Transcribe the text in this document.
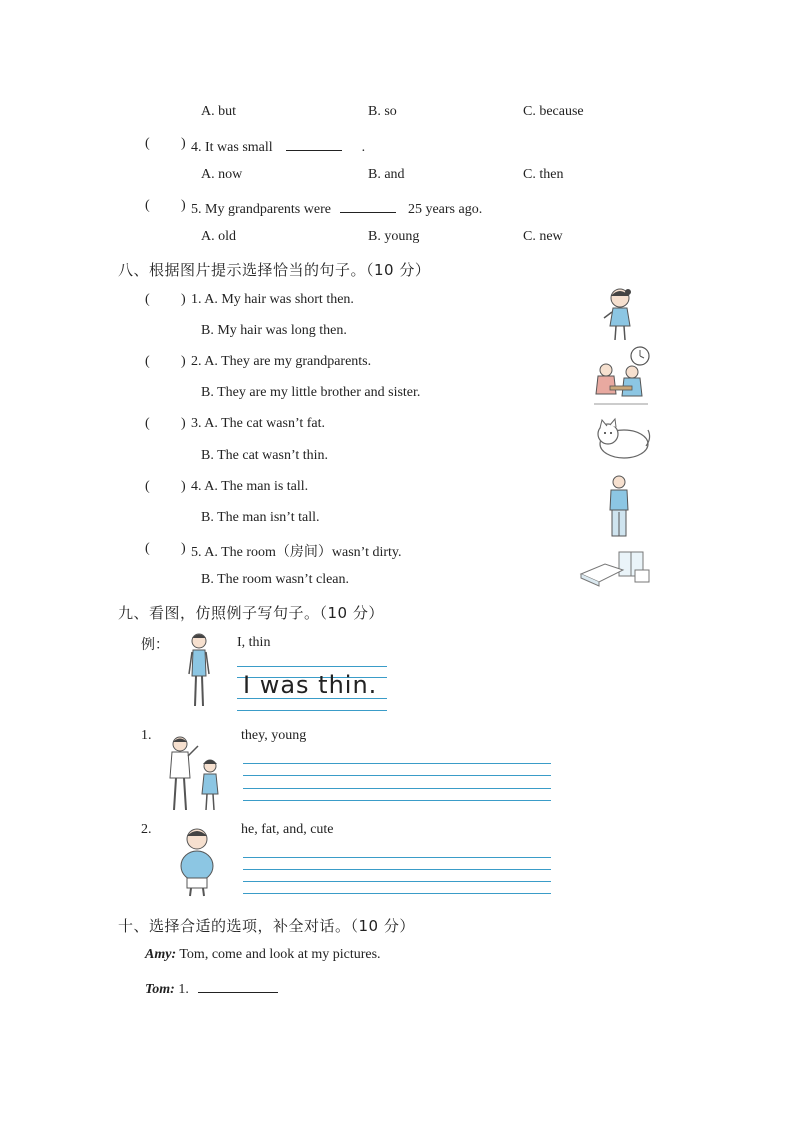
A. but	B. so	C. because
( ) 4. It was small	.
A. now	B. and	C. then
( ) 5. My grandparents were	25 years ago.
A. old	B. young	C. new
八、根据图片提示选择恰当的句子。（10 分）
( ) 1. A. My hair was short then.
B. My hair was long then.
( ) 2. A. They are my grandparents.
B. They are my little brother and sister.
( ) 3. A. The cat wasn’t fat.
B. The cat wasn’t thin.
( ) 4. A. The man is tall.
B. The man isn’t tall.
( ) 5. A. The room（房间）wasn’t dirty.
B. The room wasn’t clean.
九、看图，仿照例子写句子。（10 分）
例：	I, thin
I was thin.
1.	they, young
2.	he, fat, and, cute
十、选择合适的选项，补全对话。（10 分）
Amy: Tom, come and look at my pictures.
Tom: 1.
